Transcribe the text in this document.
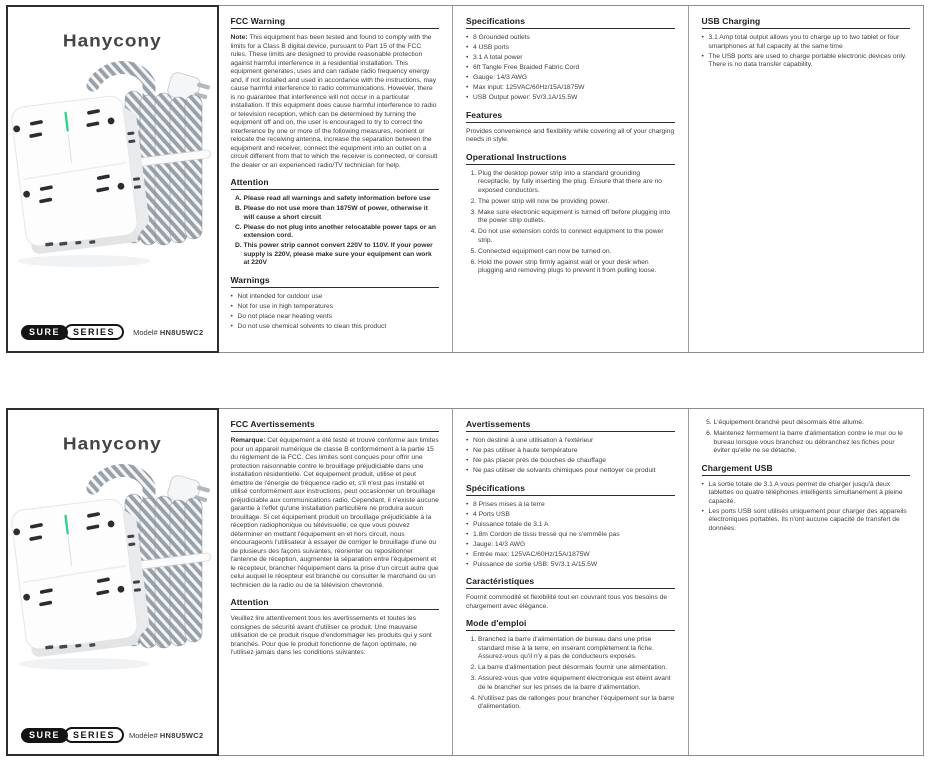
Hanycony
SURE	SERIES	Model# HN8U5WC2
FCC Warning

Note: This equipment has been tested and found to comply with the limits for a Class B digital device, pursuant to Part 15 of the FCC rules. These limits are designed to provide reasonable protection against harmful interference in a residential installation. This equipment generates, uses and can radiate radio frequency energy and, if not installed and used in accordance with the instructions, may cause harmful interference to radio communications. However, there is no guarantee that interference will not occur in a particular installation. If this equipment does cause harmful interference to radio or television reception, which can be determined by turning the equipment off and on, the user is encouraged to try to correct the interference by one or more of the following measures, reorient or relocate the receiving antenna, increase the separation between the equipment and receiver, connect the equipment into an outlet on a circuit different from that to which the receiver is connected, or consult the dealer or an experienced radio/TV technician for help.

Attention
A. Please read all warnings and safety information before use
B. Please do not use more than 1875W of power, otherwise it will cause a short circuit
C. Please do not plug into another relocatable power taps or an extension cord.
D. This power strip cannot convert 220V to 110V. If your power supply is 220V, please make sure your equipment can work at 220V
Warnings
• Not intended for outdoor use
• Not for use in high temperatures
• Do not place near heating vents
• Do not use chemical solvents to clean this product
Specifications
• 8 Grounded outlets
• 4 USB ports
• 3.1 A total power
• 6ft Tangle Free Braided Fabric Cord
• Gauge: 14/3 AWG
• Max input: 125VAC/60Hz/15A/1875W
• USB Output power: 5V/3.1A/15.5W
Features

Provides convenience and flexibility while covering all of your charging needs in style.

Operational Instructions
1. Plug the desktop power strip into a standard grounding receptacle, by fully inserting the plug. Ensure that there are no exposed conductors.
2. The power strip will now be providing power.
3. Make sure electronic equipment is turned off before plugging into the power strip outlets.
4. Do not use extension cords to connect equipment to the power strip.
5. Connected equipment can now be turned on.
6. Hold the power strip firmly against wall or your desk when plugging and removing plugs to prevent it from pulling loose.
USB Charging
• 3.1 Amp total output allows you to charge up to two tablet or four smartphones at full capacity at the same time
• The USB ports are used to charge portable electronic devices only. There is no data transfer capability.
Hanycony
SURE	SERIES	Modèle# HN8U5WC2
FCC Avertissements

Remarque: Cet équipement a été testé et trouvé conforme aux limites pour un appareil numérique de classe B conformément à la partie 15 du règlement de la FCC. Ces limites sont conçues pour offrir une protection raisonnable contre le brouillage préjudiciable dans une installation résidentielle. Cet équipement produit, utilise et peut émettre de l'énergie de fréquence radio et, s'il n'est pas installé et utilisé conformément aux instructions, peut occasionner un brouillage préjudiciable aux communications radio. Cependant, il n'existe aucune garantie à l'effet qu'une installation particulière ne produira aucun brouillage. Si cet équipement produit un brouillage préjudiciable à la réception radiophonique ou télévisuelle, ce que vous pouvez déterminer en mettant l'équipement en et hors circuit, nous encourageons l'utilisateur à essayer de corriger le brouillage d'une ou de plusieurs des façons suivantes, réorienter ou repositionner l'antenne de réception, augmenter la séparation entre l'équipement et le récepteur, brancher l'équipement dans la prise d'un circuit autre que celui auquel le récepteur est branché ou consulter le marchand ou un technicien de la radio ou de la télévision chevronné.

Attention

Veuillez lire attentivement tous les avertissements et toutes les consignes de sécurité avant d'utiliser ce produit. Une mauvaise utilisation de ce produit risque d'endommager les produits qui y sont branchés. Pour que le produit fonctionne de façon optimale, ne l'utilisez jamais dans les conditions suivantes:

Avertissements
• Non destiné à une utilisation à l'extérieur
• Ne pas utiliser à haute température
• Ne pas placer près de bouches de chauffage
• Ne pas utiliser de solvants chimiques pour nettoyer ce produit
Spécifications
• 8 Prises mises à la terre
• 4 Ports USB
• Puissance totale de 3.1 A
• 1.8m Cordon de tissu tressé qui ne s'emmêle pas
• Jauge: 14/3 AWG
• Entrée max: 125VAC/60Hz/15A/1875W
• Puissance de sortie USB: 5V/3.1 A/15.5W
Caractéristiques

Fournit commodité et flexibilité tout en couvrant tous vos besoins de chargement avec élégance.

Mode d'emploi
1. Branchez la barre d'alimentation de bureau dans une prise standard mise à la terre, en insérant complètement la fiche. Assurez-vous qu'il n'y a pas de conducteurs exposés.
2. La barre d'alimentation peut désormais fournir une alimentation.
3. Assurez-vous que votre équipement électronique est éteint avant de le brancher sur les prises de la barre d'alimentation.
4. N'utilisez pas de rallonges pour brancher l'équipement sur la barre d'alimentation.
5. L'équipement branché peut désormais être allumé.
6. Maintenez fermement la barre d'alimentation contre le mur ou le bureau lorsque vous branchez ou débranchez les fiches pour éviter qu'elle ne se détache.
Chargement USB
• La sortie totale de 3.1 A vous permet de charger jusqu'à deux tablettes ou quatre téléphones intelligents simultanément à pleine capacité.
• Les ports USB sont utilisés uniquement pour charger des appareils électroniques portables. Ils n'ont aucune capacité de transfert de données.
